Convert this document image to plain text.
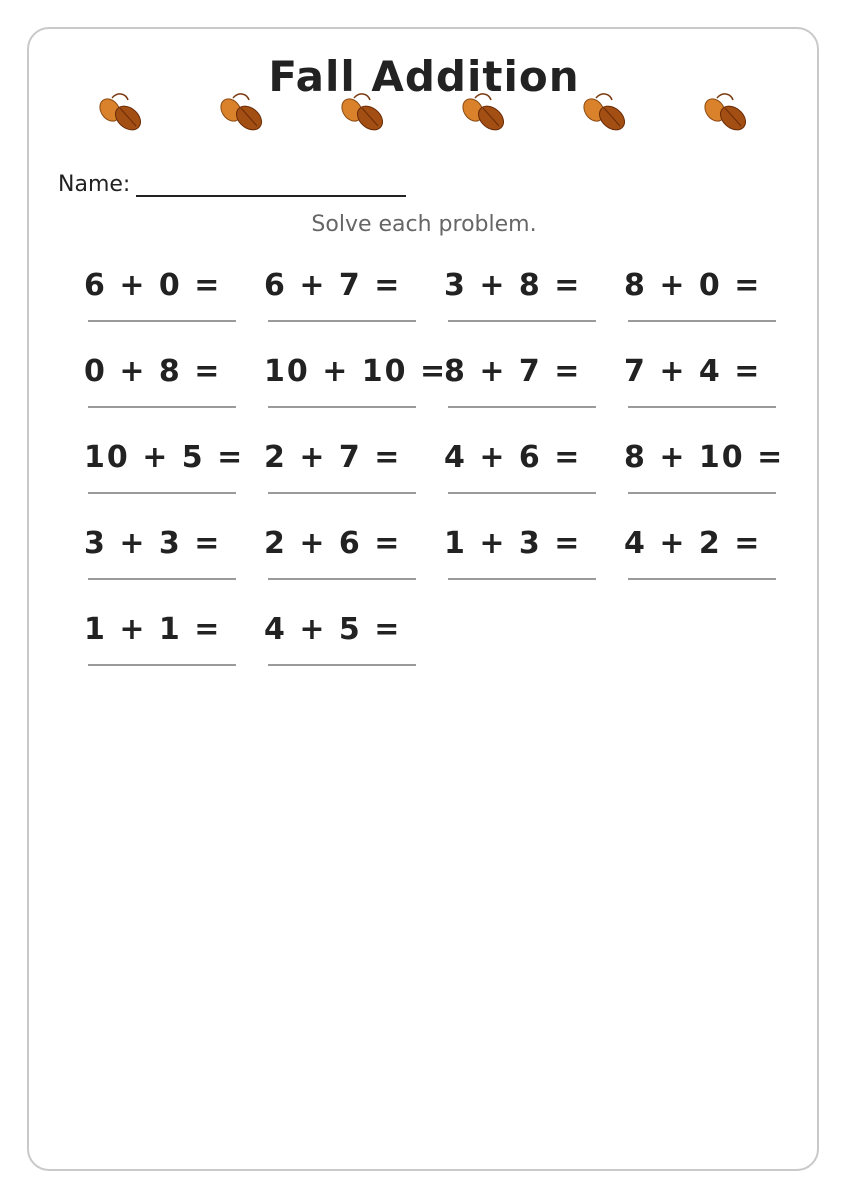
Fall Addition
Name:
Solve each problem.
6 + 0 = 6 + 7 = 3 + 8 = 8 + 0 =
0 + 8 = 10 + 10 =
8 + 7 = 7 + 4 =
10 + 5 = 2 + 7 = 4 + 6 = 8 + 10 =
3 + 3 = 2 + 6 = 1 + 3 = 4 + 2 =
1 + 1 = 4 + 5 =
